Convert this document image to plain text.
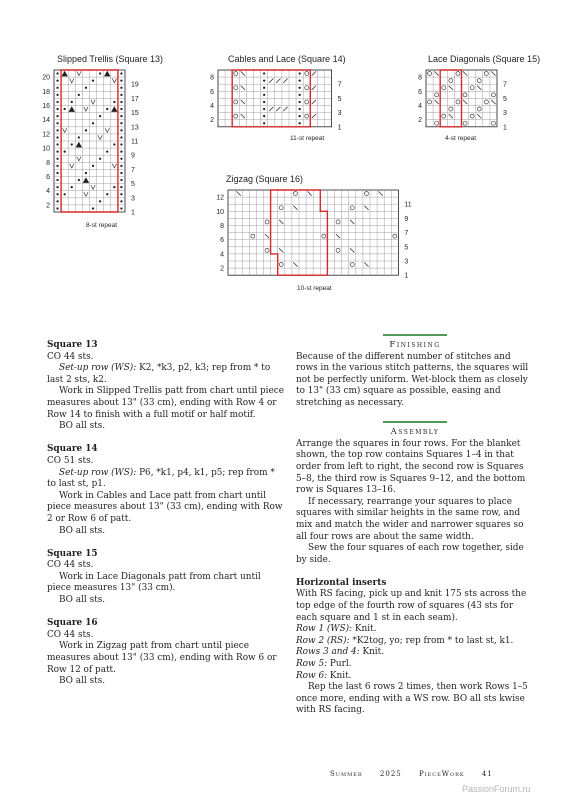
Slipped Trellis (Square 13)
20
18
16
14
12
10
8
6
4
2
19
17
15
13
11
9
7
5
3
1
8-st repeat
Cables and Lace (Square 14)
8
6
4
2
7
5
3
1
11-st repeat
Lace Diagonals (Square 15)
8
6
4
2
7
5
3
1
4-st repeat
Zigzag (Square 16)
12
10
8
6
4
2
11
9
7
5
3
1
10-st repeat

Square 13

CO 44 sts.

Set-up row (WS): K2, *k3, p2, k3; rep from * to last 2 sts, k2.

Work in Slipped Trellis patt from chart until piece measures about 13" (33 cm), ending with Row 4 or Row 14 to finish with a full motif or half motif.

BO all sts.

Square 14

CO 51 sts.

Set-up row (WS): P6, *k1, p4, k1, p5; rep from * to last st, p1.

Work in Cables and Lace patt from chart until piece measures about 13" (33 cm), ending with Row 2 or Row 6 of patt.

BO all sts.

Square 15

CO 44 sts.

Work in Lace Diagonals patt from chart until piece measures 13" (33 cm).

BO all sts.

Square 16

CO 44 sts.

Work in Zigzag patt from chart until piece measures about 13" (33 cm), ending with Row 6 or Row 12 of patt.

BO all sts.

Finishing

Because of the different number of stitches and rows in the various stitch patterns, the squares will not be perfectly uniform. Wet-block them as closely to 13" (33 cm) square as possible, easing and stretching as necessary.

Assembly

Arrange the squares in four rows. For the blanket shown, the top row contains Squares 1–4 in that order from left to right, the second row is Squares 5–8, the third row is Squares 9–12, and the bottom row is Squares 13–16.

If necessary, rearrange your squares to place squares with similar heights in the same row, and mix and match the wider and narrower squares so all four rows are about the same width.

Sew the four squares of each row together, side by side.

Horizontal inserts

With RS facing, pick up and knit 175 sts across the top edge of the fourth row of squares (43 sts for each square and 1 st in each seam).

Row 1 (WS): Knit.

Row 2 (RS): *K2tog, yo; rep from * to last st, k1.

Rows 3 and 4: Knit.

Row 5: Purl.

Row 6: Knit.

Rep the last 6 rows 2 times, then work Rows 1–5 once more, ending with a WS row. BO all sts kwise with RS facing.

Summer 2025 PieceWork 41
PassionForum.ru
